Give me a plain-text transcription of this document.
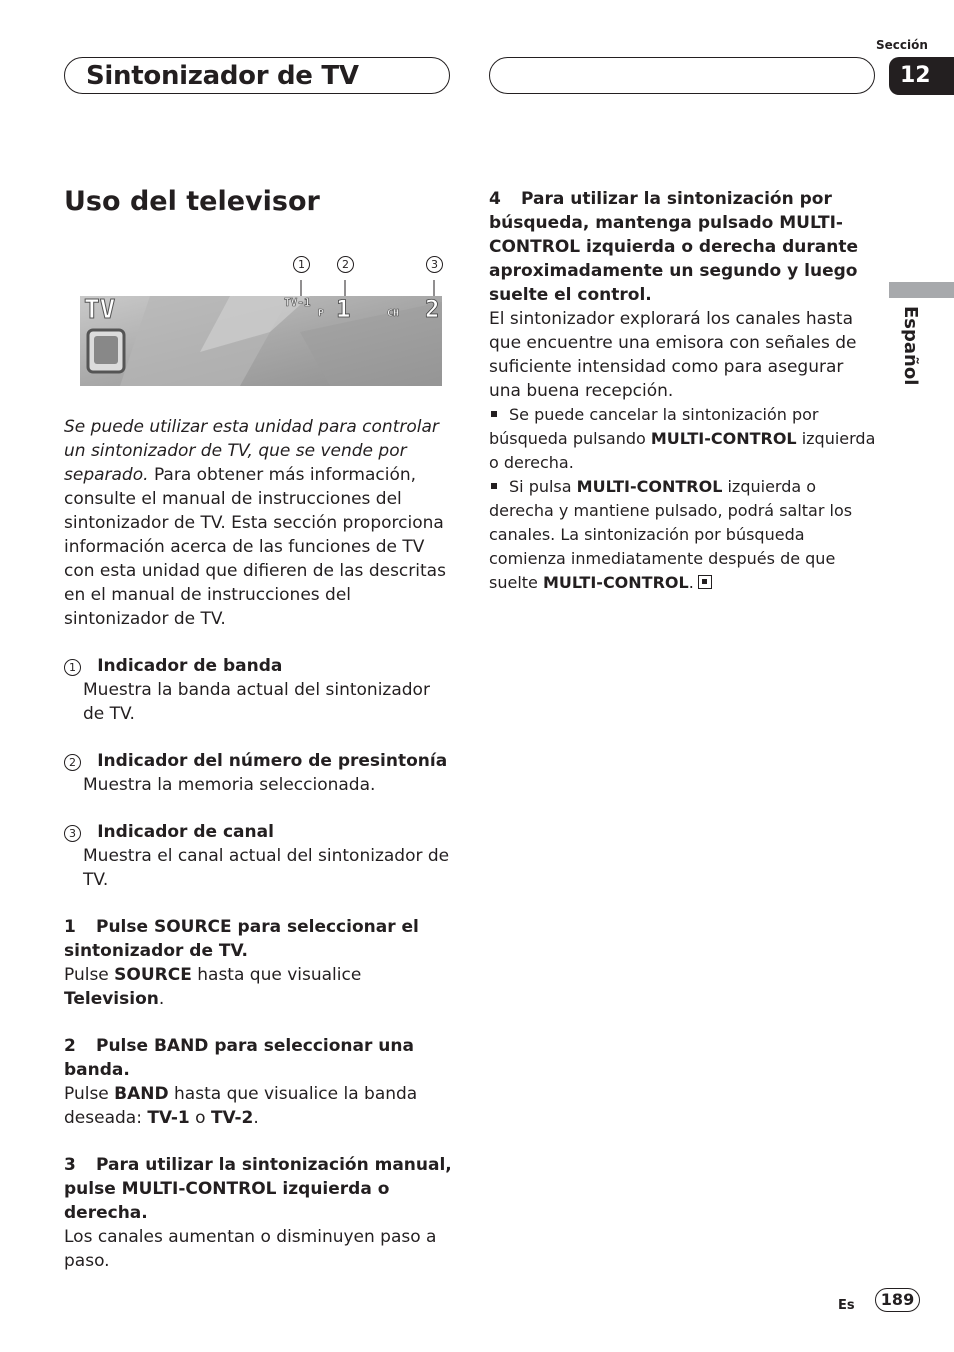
Sintonizador de TV
Sección
12
Español
Uso del televisor
1	2	3
TV	TV-1
P 1	CH 2

Se puede utilizar esta unidad para controlar un sintonizador de TV, que se vende por separado. Para obtener más información, consulte el manual de instrucciones del sintonizador de TV. Esta sección proporciona información acerca de las funciones de TV con esta unidad que difieren de las descritas en el manual de instrucciones del sintonizador de TV.

1 Indicador de banda

Muestra la banda actual del sintonizador de TV.

2 Indicador del número de presintonía

Muestra la memoria seleccionada.

3 Indicador de canal

Muestra el canal actual del sintonizador de TV.

1 Pulse SOURCE para seleccionar el sintonizador de TV.

Pulse SOURCE hasta que visualice Television.

2 Pulse BAND para seleccionar una banda.

Pulse BAND hasta que visualice la banda deseada: TV-1 o TV-2.

3 Para utilizar la sintonización manual, pulse MULTI-CONTROL izquierda o derecha.

Los canales aumentan o disminuyen paso a paso.

4 Para utilizar la sintonización por búsqueda, mantenga pulsado MULTI-CONTROL izquierda o derecha durante aproximadamente un segundo y luego suelte el control.

El sintonizador explorará los canales hasta que encuentre una emisora con señales de suficiente intensidad como para asegurar una buena recepción.

Se puede cancelar la sintonización por búsqueda pulsando MULTI-CONTROL izquierda o derecha.

Si pulsa MULTI-CONTROL izquierda o derecha y mantiene pulsado, podrá saltar los canales. La sintonización por búsqueda comienza inmediatamente después de que suelte MULTI-CONTROL.

Es	189
